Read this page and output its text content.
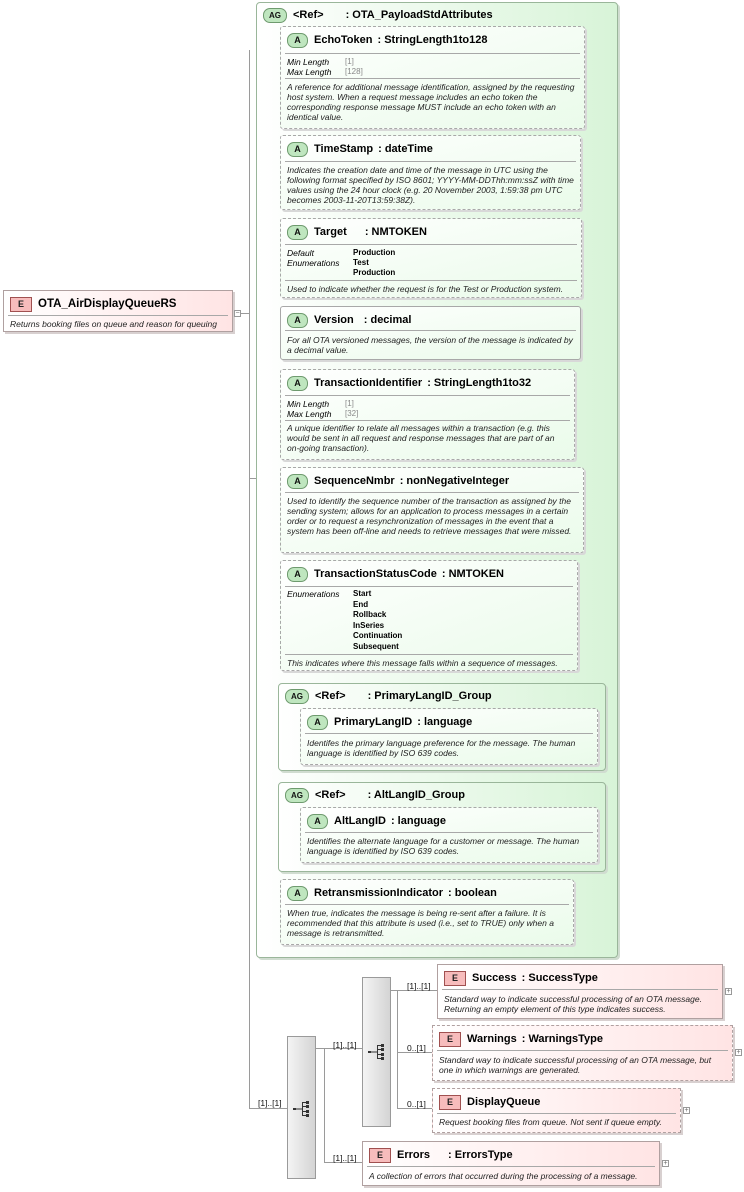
E	OTA_AirDisplayQueueRS
Returns booking files on queue and reason for queuing
−
AG	<Ref> : OTA_PayloadStdAttributes
A	EchoToken : StringLength1to128
Min Length [1]
Max Length [128]
A reference for additional message identification, assigned by the requesting host system. When a request message includes an echo token the corresponding response message MUST include an echo token with an identical value.
A	TimeStamp : dateTime
Indicates the creation date and time of the message in UTC using the following format specified by ISO 8601; YYYY-MM-DDThh:mm:ssZ with time values using the 24 hour clock (e.g. 20 November 2003, 1:59:38 pm UTC becomes 2003-11-20T13:59:38Z).
A	Target : NMTOKEN
Default	Production
Enumerations Test
Production
Used to indicate whether the request is for the Test or Production system.
A	Version : decimal
For all OTA versioned messages, the version of the message is indicated by a decimal value.
A	TransactionIdentifier : StringLength1to32
Min Length [1]
Max Length [32]
A unique identifier to relate all messages within a transaction (e.g. this would be sent in all request and response messages that are part of an on-going transaction).
A	SequenceNmbr : nonNegativeInteger
Used to identify the sequence number of the transaction as assigned by the sending system; allows for an application to process messages in a certain order or to request a resynchronization of messages in the event that a system has been off-line and needs to retrieve messages that were missed.
A	TransactionStatusCode : NMTOKEN
Enumerations Start
End
Rollback
InSeries
Continuation
Subsequent
This indicates where this message falls within a sequence of messages.
AG	<Ref> : PrimaryLangID_Group
A	PrimaryLangID : language
Identifes the primary language preference for the message. The human language is identified by ISO 639 codes.
AG	<Ref> : AltLangID_Group
A	AltLangID : language
Identifies the alternate language for a customer or message. The human language is identified by ISO 639 codes.
A	RetransmissionIndicator : boolean
When true, indicates the message is being re-sent after a failure. It is recommended that this attribute is used (i.e., set to TRUE) only when a message is retransmitted.
[1]..[1]
[1]..[1]
[1]..[1]
E	Success : SuccessType
Standard way to indicate successful processing of an OTA message. Returning an empty element of this type indicates success.
+
0..[1]
E	Warnings : WarningsType
Standard way to indicate successful processing of an OTA message, but one in which warnings are generated.
+
0..[1]	E	DisplayQueue
Request booking files from queue. Not sent if queue empty.
+
[1]..[1]	E	Errors : ErrorsType
A collection of errors that occurred during the processing of a message.
+
